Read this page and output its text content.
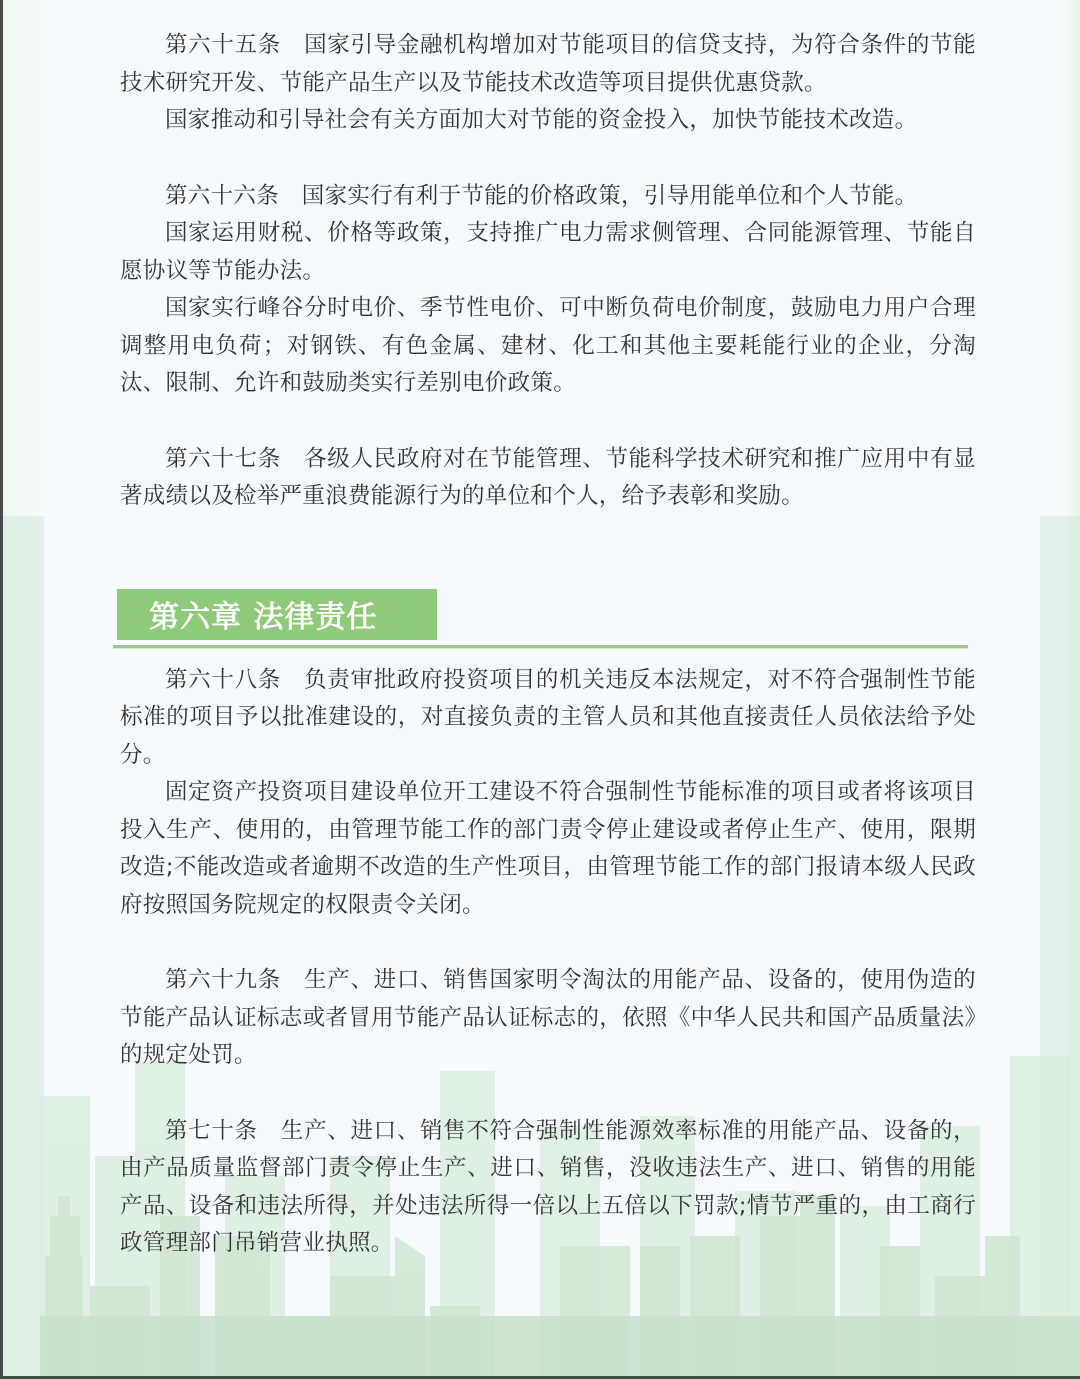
第六十五条　国家引导金融机构增加对节能项目的信贷支持，为符合条件的节能技术研究开发、节能产品生产以及节能技术改造等项目提供优惠贷款。

国家推动和引导社会有关方面加大对节能的资金投入，加快节能技术改造。

第六十六条　国家实行有利于节能的价格政策，引导用能单位和个人节能。

国家运用财税、价格等政策，支持推广电力需求侧管理、合同能源管理、节能自愿协议等节能办法。

国家实行峰谷分时电价、季节性电价、可中断负荷电价制度，鼓励电力用户合理调整用电负荷；对钢铁、有色金属、建材、化工和其他主要耗能行业的企业，分淘汰、限制、允许和鼓励类实行差别电价政策。

第六十七条　各级人民政府对在节能管理、节能科学技术研究和推广应用中有显著成绩以及检举严重浪费能源行为的单位和个人，给予表彰和奖励。

第六章 法律责任

第六十八条　负责审批政府投资项目的机关违反本法规定，对不符合强制性节能标准的项目予以批准建设的，对直接负责的主管人员和其他直接责任人员依法给予处分。

固定资产投资项目建设单位开工建设不符合强制性节能标准的项目或者将该项目投入生产、使用的，由管理节能工作的部门责令停止建设或者停止生产、使用，限期改造;不能改造或者逾期不改造的生产性项目，由管理节能工作的部门报请本级人民政府按照国务院规定的权限责令关闭。

第六十九条　生产、进口、销售国家明令淘汰的用能产品、设备的，使用伪造的节能产品认证标志或者冒用节能产品认证标志的，依照《中华人民共和国产品质量法》的规定处罚。

第七十条　生产、进口、销售不符合强制性能源效率标准的用能产品、设备的，由产品质量监督部门责令停止生产、进口、销售，没收违法生产、进口、销售的用能产品、设备和违法所得，并处违法所得一倍以上五倍以下罚款;情节严重的，由工商行政管理部门吊销营业执照。
